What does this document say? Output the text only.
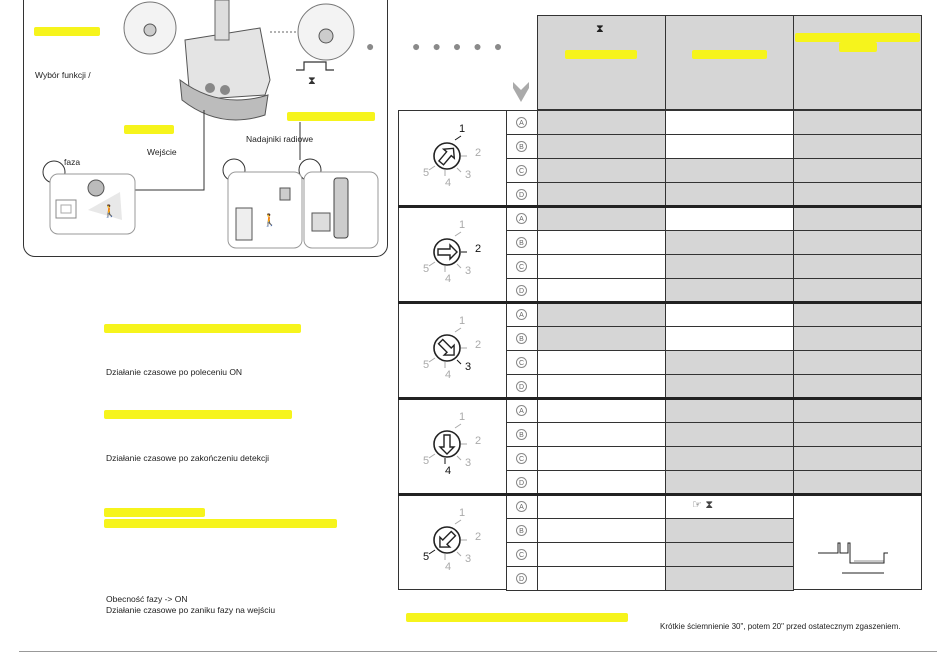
Wybór funkcji /
Nadajniki radiowe
Wejście
faza
⧗
🚶
🚶
●	●●●●●
Działanie czasowe po poleceniu ON
Działanie czasowe po zakończeniu detekcji
Obecność fazy -> ON
Działanie czasowe po zaniku fazy na wejściu
⧗
A
B
C
D
1
2
3
4
5
A
B
C
D
1
2
3
4
5
A
B
C
D
1
2
3
4
5
A
B
C
D
1
2
3
4
5
A
B
C
D
1
2
3
4
5
☞ ⧗
Krótkie ściemnienie 30", potem 20" przed ostatecznym zgaszeniem.
